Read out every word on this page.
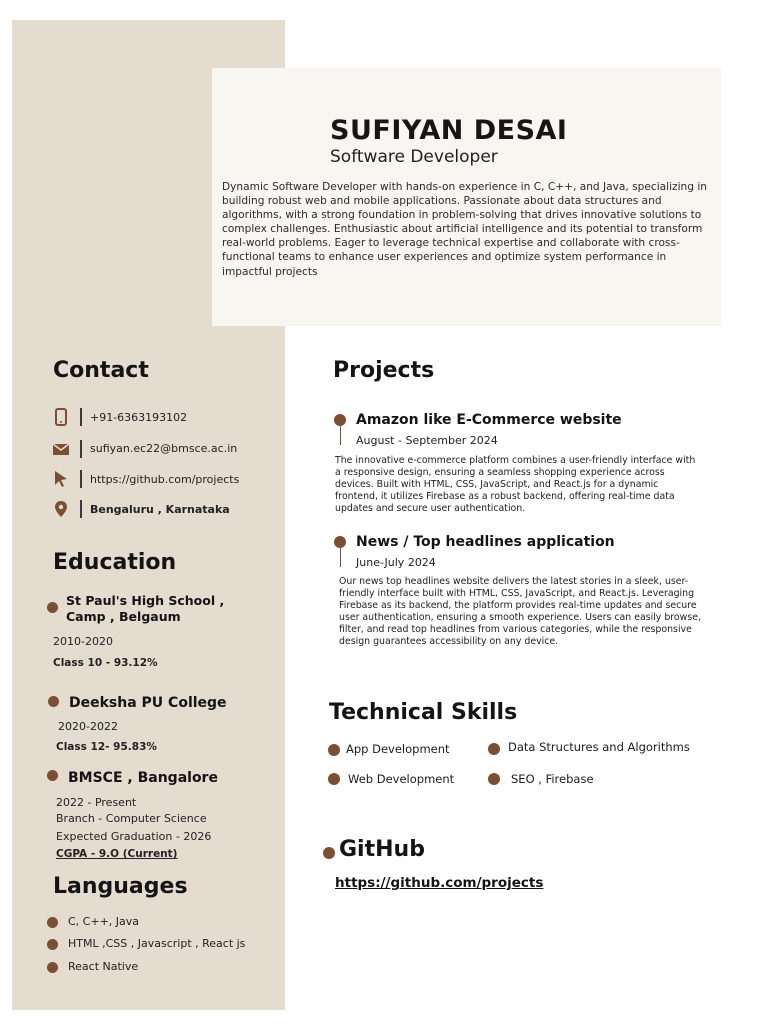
SUFIYAN DESAI
Software Developer

Dynamic Software Developer with hands-on experience in C, C++, and Java, specializing in building robust web and mobile applications. Passionate about data structures and algorithms, with a strong foundation in problem-solving that drives innovative solutions to complex challenges. Enthusiastic about artificial intelligence and its potential to transform real-world problems. Eager to leverage technical expertise and collaborate with cross-functional teams to enhance user experiences and optimize system performance in impactful projects

Contact
+91-6363193102
sufiyan.ec22@bmsce.ac.in
https://github.com/projects
Bengaluru , Karnataka
Education
St Paul's High School ,
Camp , Belgaum
2010-2020
Class 10 - 93.12%
Deeksha PU College
2020-2022
Class 12- 95.83%
BMSCE , Bangalore
2022 - Present
Branch - Computer Science
Expected Graduation - 2026
CGPA - 9.O (Current)
Languages
C, C++, Java
HTML ,CSS , Javascript , React js
React Native
Projects
Amazon like E-Commerce website
August - September 2024

The innovative e-commerce platform combines a user-friendly interface with a responsive design, ensuring a seamless shopping experience across devices. Built with HTML, CSS, JavaScript, and React.js for a dynamic frontend, it utilizes Firebase as a robust backend, offering real-time data updates and secure user authentication.

News / Top headlines application
June-July 2024

Our news top headlines website delivers the latest stories in a sleek, user-friendly interface built with HTML, CSS, JavaScript, and React.js. Leveraging Firebase as its backend, the platform provides real-time updates and secure user authentication, ensuring a smooth experience. Users can easily browse, filter, and read top headlines from various categories, while the responsive design guarantees accessibility on any device.

Technical Skills
App Development	Data Structures and Algorithms
Web Development	SEO , Firebase
GitHub
https://github.com/projects
